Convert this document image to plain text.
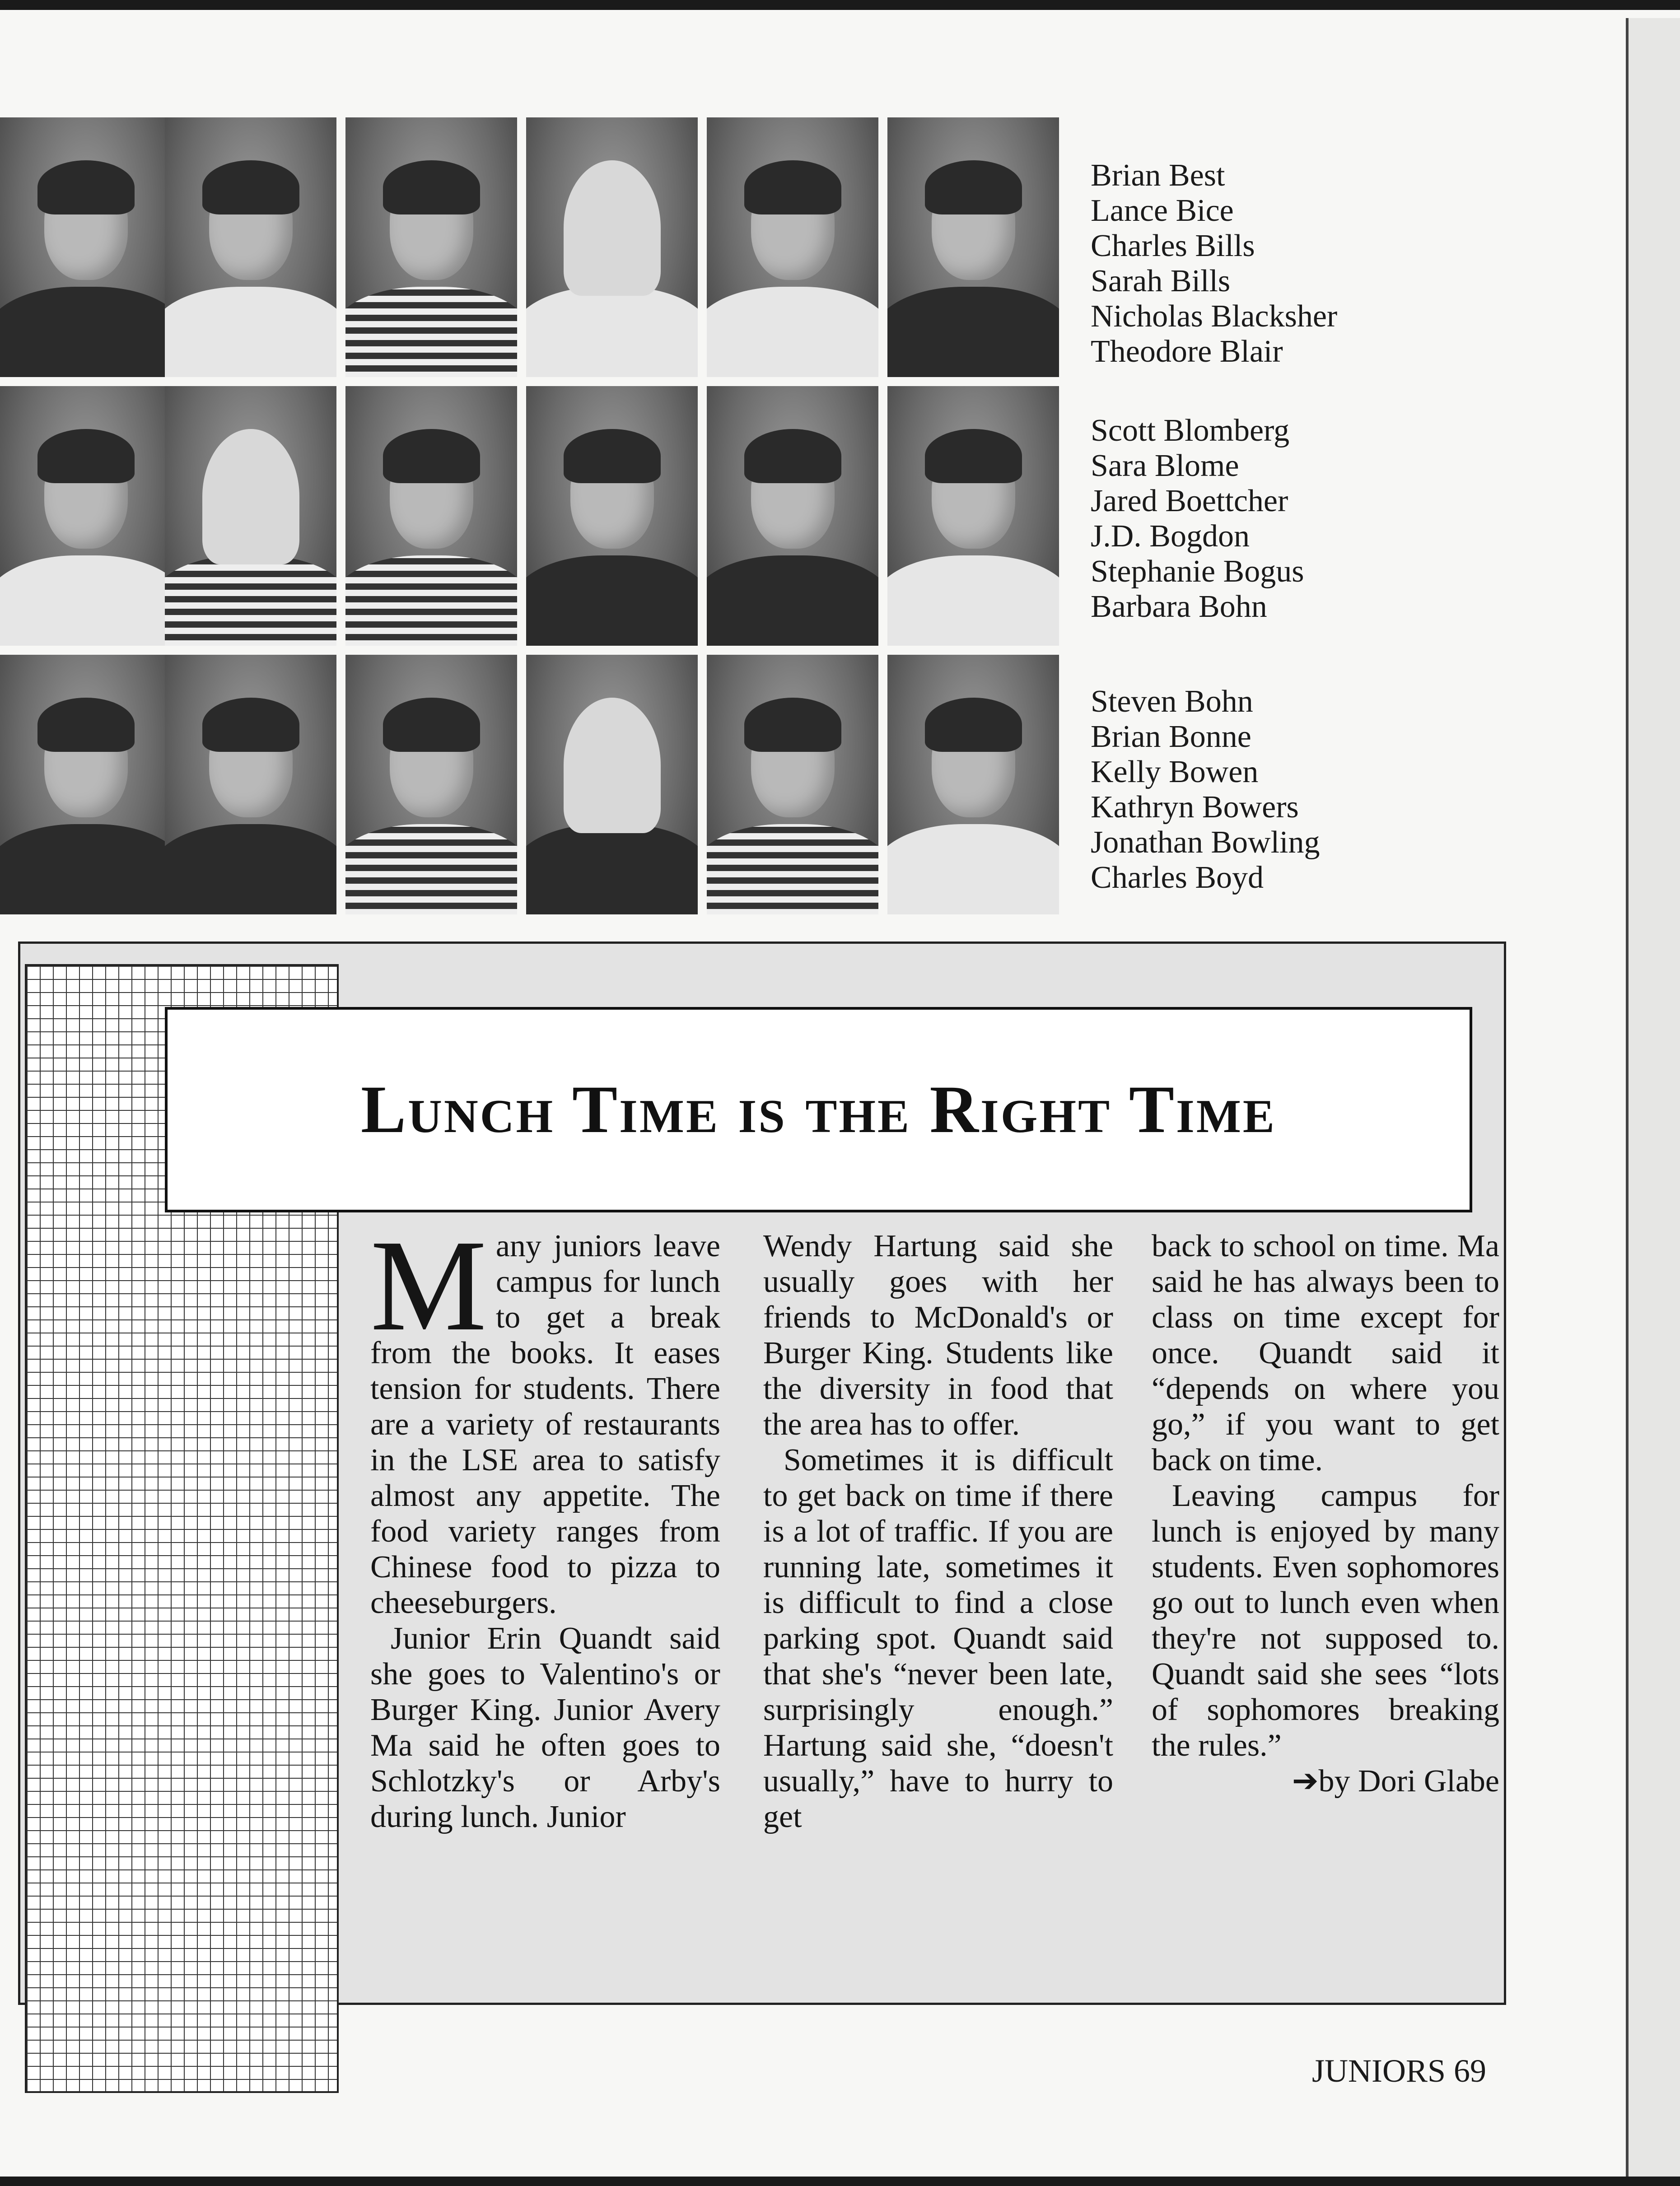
Brian Best
Lance Bice
Charles Bills
Sarah Bills
Nicholas Blacksher
Theodore Blair
Scott Blomberg
Sara Blome
Jared Boettcher
J.D. Bogdon
Stephanie Bogus
Barbara Bohn
Steven Bohn
Brian Bonne
Kelly Bowen
Kathryn Bowers
Jonathan Bowling
Charles Boyd
Lunch Time is the Right Time

Many juniors leave campus for lunch to get a break from the books. It eases tension for students. There are a variety of restaurants in the LSE area to satisfy almost any appetite. The food variety ranges from Chinese food to pizza to cheeseburgers.

Junior Erin Quandt said she goes to Valentino's or Burger King. Junior Avery Ma said he often goes to Schlotzky's or Arby's during lunch. Junior

Wendy Hartung said she usually goes with her friends to McDonald's or Burger King. Students like the diversity in food that the area has to offer.

Sometimes it is difficult to get back on time if there is a lot of traffic. If you are running late, sometimes it is difficult to find a close parking spot. Quandt said that she's “never been late, surprisingly enough.” Hartung said she, “doesn't usually,” have to hurry to get

back to school on time. Ma said he has always been to class on time except for once. Quandt said it “depends on where you go,” if you want to get back on time.

Leaving campus for lunch is enjoyed by many students. Even sophomores go out to lunch even when they're not supposed to. Quandt said she sees “lots of sophomores breaking the rules.”

➔by Dori Glabe

JUNIORS 69
